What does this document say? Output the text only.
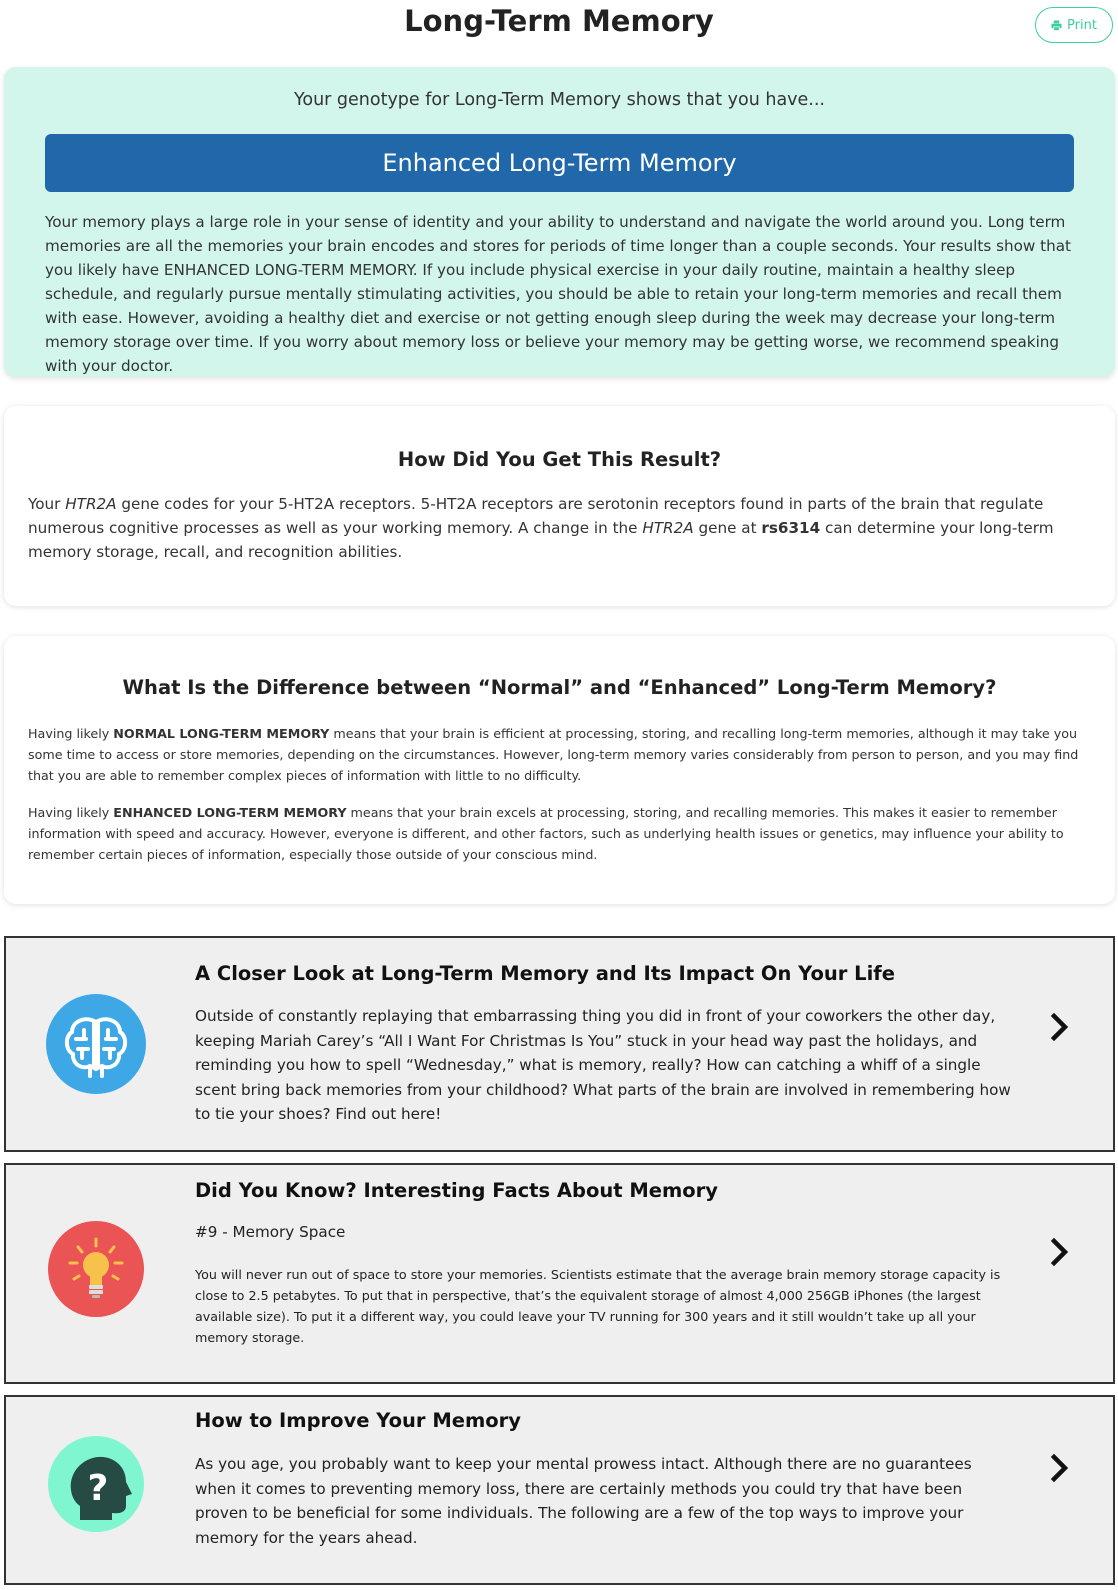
Long-Term Memory	Print
Your genotype for Long-Term Memory shows that you have...
Enhanced Long-Term Memory

Your memory plays a large role in your sense of identity and your ability to understand and navigate the world around you. Long term memories are all the memories your brain encodes and stores for periods of time longer than a couple seconds. Your results show that you likely have ENHANCED LONG-TERM MEMORY. If you include physical exercise in your daily routine, maintain a healthy sleep schedule, and regularly pursue mentally stimulating activities, you should be able to retain your long-term memories and recall them with ease. However, avoiding a healthy diet and exercise or not getting enough sleep during the week may decrease your long-term memory storage over time. If you worry about memory loss or believe your memory may be getting worse, we recommend speaking with your doctor.

How Did You Get This Result?

Your HTR2A gene codes for your 5-HT2A receptors. 5-HT2A receptors are serotonin receptors found in parts of the brain that regulate numerous cognitive processes as well as your working memory. A change in the HTR2A gene at rs6314 can determine your long-term memory storage, recall, and recognition abilities.

What Is the Difference between “Normal” and “Enhanced” Long-Term Memory?

Having likely NORMAL LONG-TERM MEMORY means that your brain is efficient at processing, storing, and recalling long-term memories, although it may take you some time to access or store memories, depending on the circumstances. However, long-term memory varies considerably from person to person, and you may find that you are able to remember complex pieces of information with little to no difficulty.

Having likely ENHANCED LONG-TERM MEMORY means that your brain excels at processing, storing, and recalling memories. This makes it easier to remember information with speed and accuracy. However, everyone is different, and other factors, such as underlying health issues or genetics, may influence your ability to remember certain pieces of information, especially those outside of your conscious mind.

A Closer Look at Long-Term Memory and Its Impact On Your Life

Outside of constantly replaying that embarrassing thing you did in front of your coworkers the other day, keeping Mariah Carey’s “All I Want For Christmas Is You” stuck in your head way past the holidays, and reminding you how to spell “Wednesday,” what is memory, really? How can catching a whiff of a single scent bring back memories from your childhood? What parts of the brain are involved in remembering how to tie your shoes? Find out here!

Did You Know? Interesting Facts About Memory
#9 - Memory Space

You will never run out of space to store your memories. Scientists estimate that the average brain memory storage capacity is close to 2.5 petabytes. To put that in perspective, that’s the equivalent storage of almost 4,000 256GB iPhones (the largest available size). To put it a different way, you could leave your TV running for 300 years and it still wouldn’t take up all your memory storage.

?
How to Improve Your Memory

As you age, you probably want to keep your mental prowess intact. Although there are no guarantees when it comes to preventing memory loss, there are certainly methods you could try that have been proven to be beneficial for some individuals. The following are a few of the top ways to improve your memory for the years ahead.
